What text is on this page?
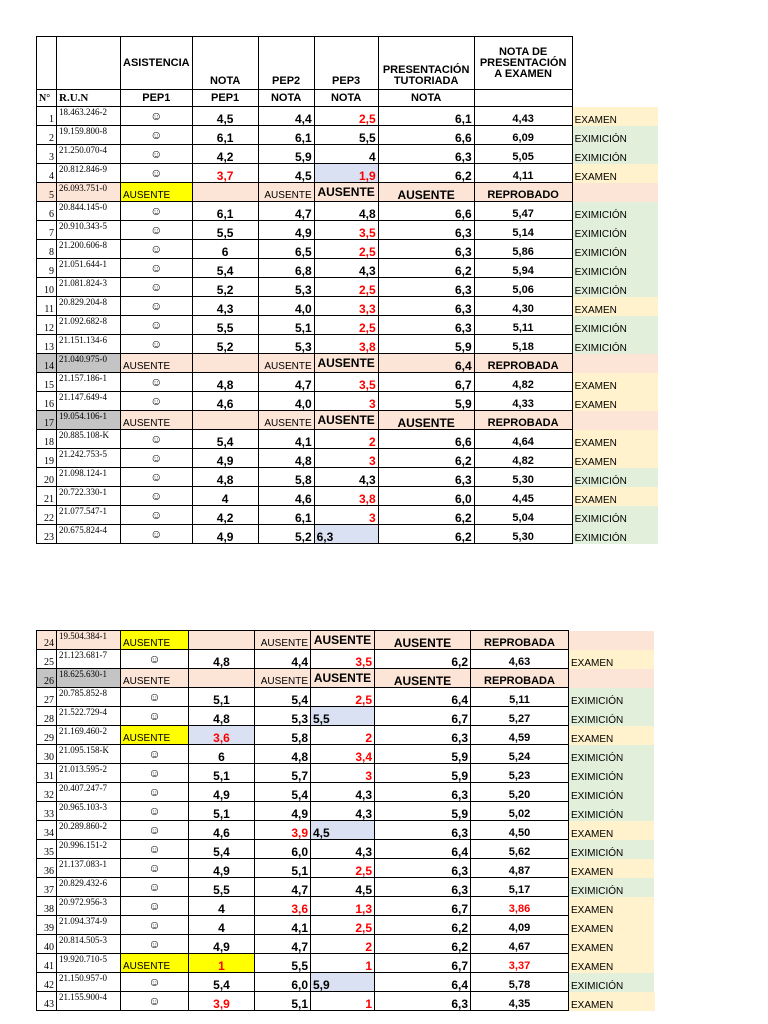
		ASISTENCIA	NOTA	PEP2	PEP3	PRESENTACIÓN TUTORIADA	NOTA DE PRESENTACIÓN A EXAMEN	
N°	R.U.N	PEP1	PEP1	NOTA	NOTA	NOTA		
1	18.463.246-2	☺	4,5	4,4	2,5	6,1	4,43	EXAMEN
2	19.159.800-8	☺	6,1	6,1	5,5	6,6	6,09	EXIMICIÓN
3	21.250.070-4	☺	4,2	5,9	4	6,3	5,05	EXIMICIÓN
4	20.812.846-9	☺	3,7	4,5	1,9	6,2	4,11	EXAMEN
5	26.093.751-0	AUSENTE		AUSENTE	AUSENTE	AUSENTE	REPROBADO	
6	20.844.145-0	☺	6,1	4,7	4,8	6,6	5,47	EXIMICIÓN
7	20.910.343-5	☺	5,5	4,9	3,5	6,3	5,14	EXIMICIÓN
8	21.200.606-8	☺	6	6,5	2,5	6,3	5,86	EXIMICIÓN
9	21.051.644-1	☺	5,4	6,8	4,3	6,2	5,94	EXIMICIÓN
10	21.081.824-3	☺	5,2	5,3	2,5	6,3	5,06	EXIMICIÓN
11	20.829.204-8	☺	4,3	4,0	3,3	6,3	4,30	EXAMEN
12	21.092.682-8	☺	5,5	5,1	2,5	6,3	5,11	EXIMICIÓN
13	21.151.134-6	☺	5,2	5,3	3,8	5,9	5,18	EXIMICIÓN
14	21.040.975-0	AUSENTE		AUSENTE	AUSENTE	6,4	REPROBADA	
15	21.157.186-1	☺	4,8	4,7	3,5	6,7	4,82	EXAMEN
16	21.147.649-4	☺	4,6	4,0	3	5,9	4,33	EXAMEN
17	19.054.106-1	AUSENTE		AUSENTE	AUSENTE	AUSENTE	REPROBADA	
18	20.885.108-K	☺	5,4	4,1	2	6,6	4,64	EXAMEN
19	21.242.753-5	☺	4,9	4,8	3	6,2	4,82	EXAMEN
20	21.098.124-1	☺	4,8	5,8	4,3	6,3	5,30	EXIMICIÓN
21	20.722.330-1	☺	4	4,6	3,8	6,0	4,45	EXAMEN
22	21.077.547-1	☺	4,2	6,1	3	6,2	5,04	EXIMICIÓN
23	20.675.824-4	☺	4,9	5,2	6,3	6,2	5,30	EXIMICIÓN
24	19.504.384-1	AUSENTE		AUSENTE	AUSENTE	AUSENTE	REPROBADA	
25	21.123.681-7	☺	4,8	4,4	3,5	6,2	4,63	EXAMEN
26	18.625.630-1	AUSENTE		AUSENTE	AUSENTE	AUSENTE	REPROBADA	
27	20.785.852-8	☺	5,1	5,4	2,5	6,4	5,11	EXIMICIÓN
28	21.522.729-4	☺	4,8	5,3	5,5	6,7	5,27	EXIMICIÓN
29	21.169.460-2	AUSENTE	3,6	5,8	2	6,3	4,59	EXAMEN
30	21.095.158-K	☺	6	4,8	3,4	5,9	5,24	EXIMICIÓN
31	21.013.595-2	☺	5,1	5,7	3	5,9	5,23	EXIMICIÓN
32	20.407.247-7	☺	4,9	5,4	4,3	6,3	5,20	EXIMICIÓN
33	20.965.103-3	☺	5,1	4,9	4,3	5,9	5,02	EXIMICIÓN
34	20.289.860-2	☺	4,6	3,9	4,5	6,3	4,50	EXAMEN
35	20.996.151-2	☺	5,4	6,0	4,3	6,4	5,62	EXIMICIÓN
36	21.137.083-1	☺	4,9	5,1	2,5	6,3	4,87	EXAMEN
37	20.829.432-6	☺	5,5	4,7	4,5	6,3	5,17	EXIMICIÓN
38	20.972.956-3	☺	4	3,6	1,3	6,7	3,86	EXAMEN
39	21.094.374-9	☺	4	4,1	2,5	6,2	4,09	EXAMEN
40	20.814.505-3	☺	4,9	4,7	2	6,2	4,67	EXAMEN
41	19.920.710-5	AUSENTE	1	5,5	1	6,7	3,37	EXAMEN
42	21.150.957-0	☺	5,4	6,0	5,9	6,4	5,78	EXIMICIÓN
43	21.155.900-4	☺	3,9	5,1	1	6,3	4,35	EXAMEN
